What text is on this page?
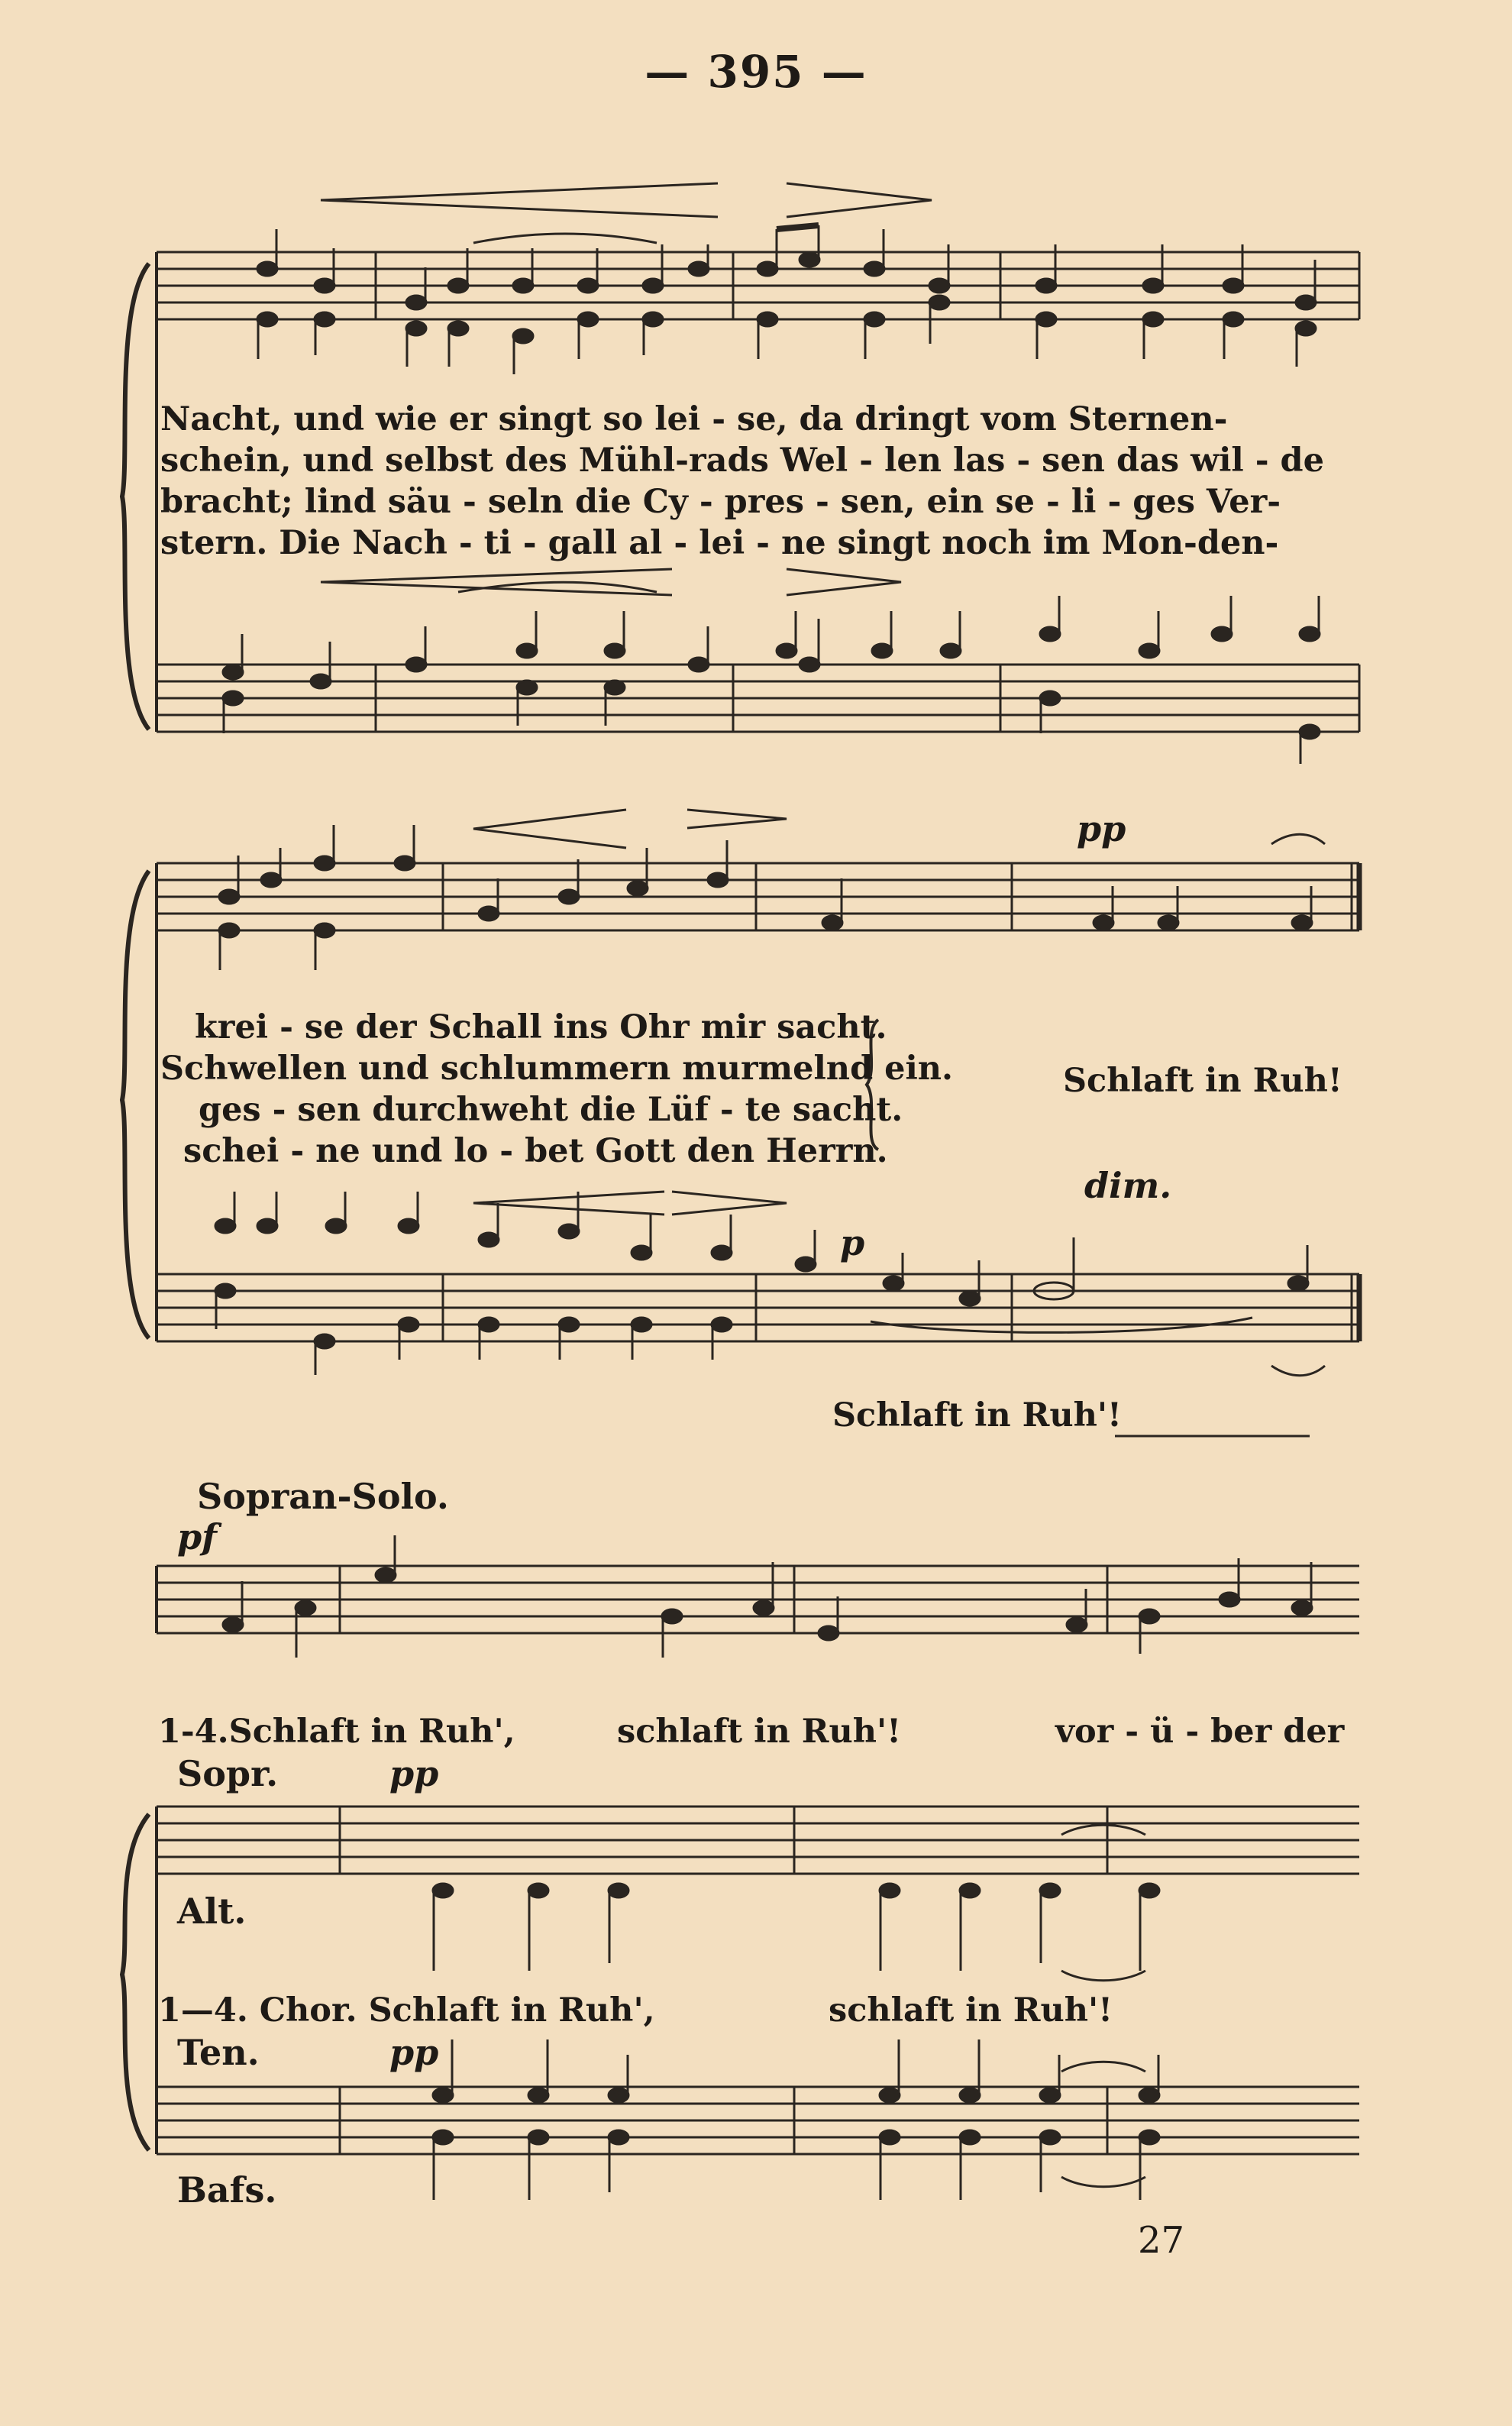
— 395 —
Nacht, und wie er singt so lei - se, da dringt vom Sternen-
schein, und selbst des Mühl-rads Wel - len las - sen das wil - de
bracht; lind säu - seln die Cy - pres - sen, ein se - li - ges Ver-
stern. Die Nach - ti - gall al - lei - ne singt noch im Mon-den-
pp
krei - se der Schall ins Ohr mir sacht.
Schwellen und schlummern murmelnd ein.
ges - sen durchweht die Lüf - te sacht.
schei - ne und lo - bet Gott den Herrn.
Schlaft in Ruh!
dim.
p
Schlaft in Ruh'!
Sopran-Solo.
pf
1-4.Schlaft in Ruh',	schlaft in Ruh'!	vor - ü - ber der
Sopr.	pp
Alt.
1—4. Chor. Schlaft in Ruh',	schlaft in Ruh'!
Ten.	pp
Bafs.
27
